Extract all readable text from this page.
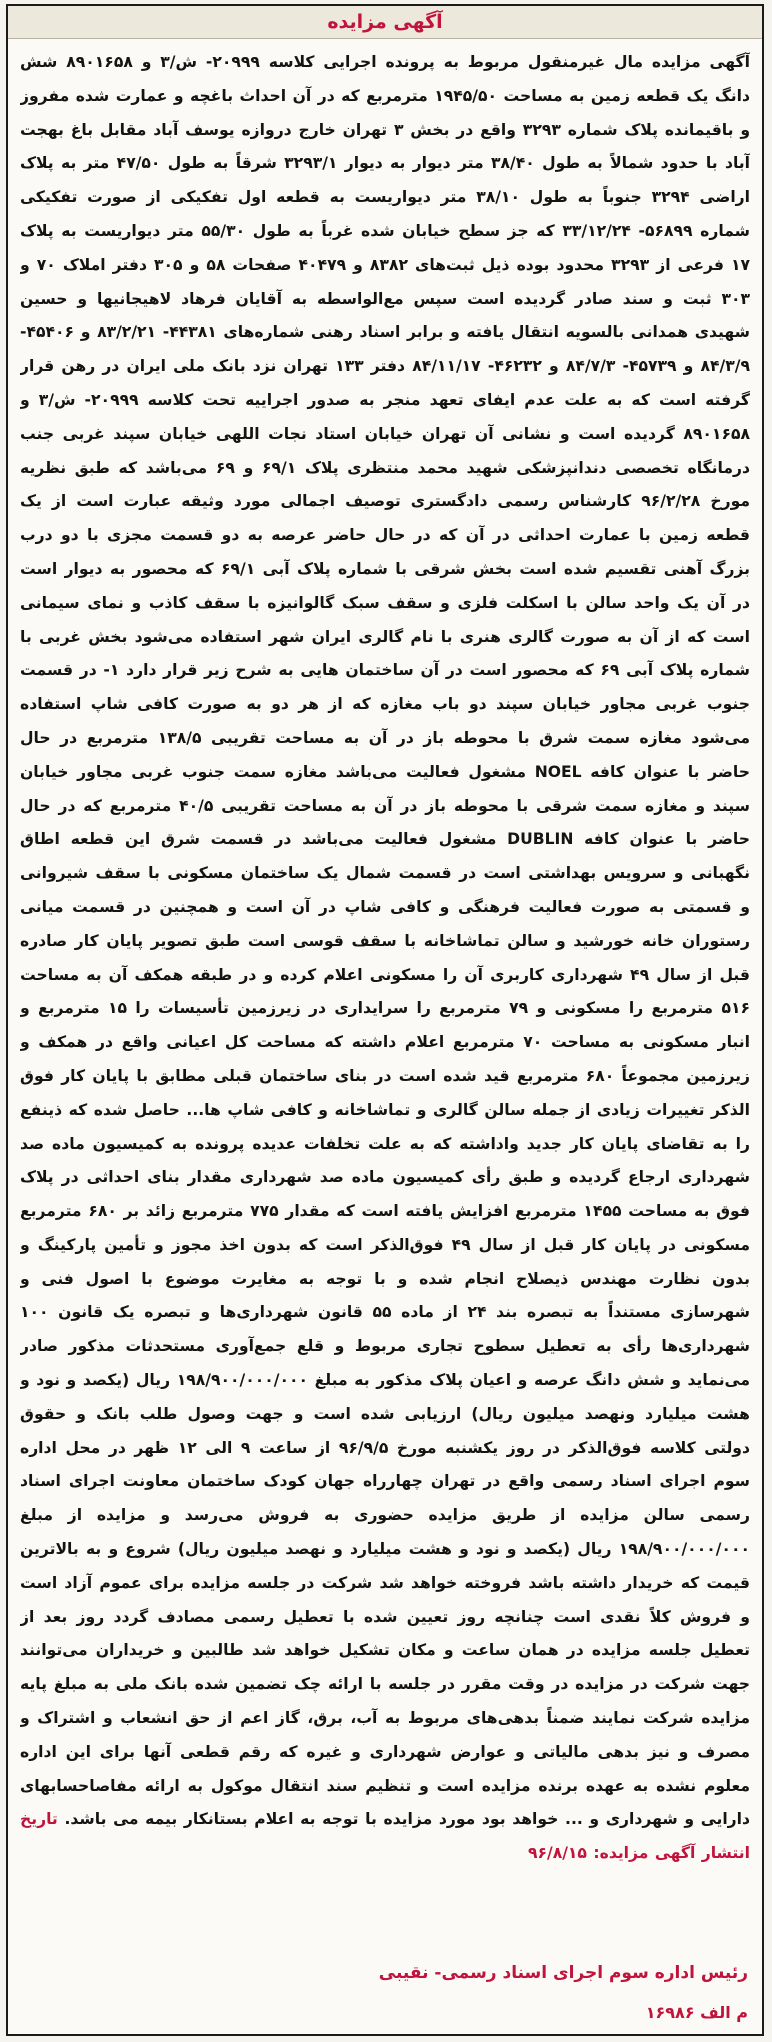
آگهی مزایده
آگهی مزایده مال غیرمنقول مربوط به پرونده اجرایی کلاسه ۲۰۹۹۹- ش/۳ و ۸۹۰۱۶۵۸ شش دانگ یک قطعه زمین به مساحت ۱۹۴۵/۵۰ مترمربع که در آن احداث باغچه و عمارت شده مفروز و باقیمانده پلاک شماره ۳۲۹۳ واقع در بخش ۳ تهران خارج دروازه یوسف آباد مقابل باغ بهجت آباد با حدود شمالاً به طول ۳۸/۴۰ متر دیوار به دیوار ۳۲۹۳/۱ شرقاً به طول ۴۷/۵۰ متر به پلاک اراضی ۳۲۹۴ جنوباً به طول ۳۸/۱۰ متر دیواریست به قطعه اول تفکیکی از صورت تفکیکی شماره ۵۶۸۹۹- ۳۳/۱۲/۲۴ که جز سطح خیابان شده غرباً به طول ۵۵/۳۰ متر دیواریست به پلاک ۱۷ فرعی از ۳۲۹۳ محدود بوده ذیل ثبت‌های ۸۳۸۲ و ۴۰۴۷۹ صفحات ۵۸ و ۳۰۵ دفتر املاک ۷۰ و ۳۰۳ ثبت و سند صادر گردیده است سپس مع‌الواسطه به آقایان فرهاد لاهیجانیها و حسین شهیدی همدانی بالسویه انتقال یافته و برابر اسناد رهنی شماره‌های ۴۴۳۸۱- ۸۳/۲/۲۱ و ۴۵۴۰۶- ۸۴/۳/۹ و ۴۵۷۳۹- ۸۴/۷/۳ و ۴۶۲۳۲- ۸۴/۱۱/۱۷ دفتر ۱۳۳ تهران نزد بانک ملی ایران در رهن قرار گرفته است که به علت عدم ایفای تعهد منجر به صدور اجراییه تحت کلاسه ۲۰۹۹۹- ش/۳ و ۸۹۰۱۶۵۸ گردیده است و نشانی آن تهران خیابان استاد نجات اللهی خیابان سپند غربی جنب درمانگاه تخصصی دندانپزشکی شهید محمد منتظری پلاک ۶۹/۱ و ۶۹ می‌باشد که طبق نظریه مورخ ۹۶/۲/۲۸ کارشناس رسمی دادگستری توصیف اجمالی مورد وثیقه عبارت است از یک قطعه زمین با عمارت احداثی در آن که در حال حاضر عرصه به دو قسمت مجزی با دو درب بزرگ آهنی تقسیم شده است بخش شرقی با شماره پلاک آبی ۶۹/۱ که محصور به دیوار است در آن یک واحد سالن با اسکلت فلزی و سقف سبک گالوانیزه با سقف کاذب و نمای سیمانی است که از آن به صورت گالری هنری با نام گالری ایران شهر استفاده می‌شود بخش غربی با شماره پلاک آبی ۶۹ که محصور است در آن ساختمان هایی به شرح زیر قرار دارد ۱- در قسمت جنوب غربی مجاور خیابان سپند دو باب مغازه که از هر دو به صورت کافی شاپ استفاده می‌شود مغازه سمت شرق با محوطه باز در آن به مساحت تقریبی ۱۳۸/۵ مترمربع در حال حاضر با عنوان کافه NOEL مشغول فعالیت می‌باشد مغازه سمت جنوب غربی مجاور خیابان سپند و مغازه سمت شرقی با محوطه باز در آن به مساحت تقریبی ۴۰/۵ مترمربع که در حال حاضر با عنوان کافه DUBLIN مشغول فعالیت می‌باشد در قسمت شرق این قطعه اطاق نگهبانی و سرویس بهداشتی است در قسمت شمال یک ساختمان مسکونی با سقف شیروانی و قسمتی به صورت فعالیت فرهنگی و کافی شاپ در آن است و همچنین در قسمت میانی رستوران خانه خورشید و سالن تماشاخانه با سقف قوسی است طبق تصویر پایان کار صادره قبل از سال ۴۹ شهرداری کاربری آن را مسکونی اعلام کرده و در طبقه همکف آن به مساحت ۵۱۶ مترمربع را مسکونی و ۷۹ مترمربع را سرایداری در زیرزمین تأسیسات را ۱۵ مترمربع و انبار مسکونی به مساحت ۷۰ مترمربع اعلام داشته که مساحت کل اعیانی واقع در همکف و زیرزمین مجموعاً ۶۸۰ مترمربع قید شده است در بنای ساختمان قبلی مطابق با پایان کار فوق الذکر تغییرات زیادی از جمله سالن گالری و تماشاخانه و کافی شاپ ها... حاصل شده که ذینفع را به تقاضای پایان کار جدید واداشته که به علت تخلفات عدیده پرونده به کمیسیون ماده صد شهرداری ارجاع گردیده و طبق رأی کمیسیون ماده صد شهرداری مقدار بنای احداثی در پلاک فوق به مساحت ۱۴۵۵ مترمربع افزایش یافته است که مقدار ۷۷۵ مترمربع زائد بر ۶۸۰ مترمربع مسکونی در پایان کار قبل از سال ۴۹ فوق‌الذکر است که بدون اخذ مجوز و تأمین پارکینگ و بدون نظارت مهندس ذیصلاح انجام شده و با توجه به مغایرت موضوع با اصول فنی و شهرسازی مستنداً به تبصره بند ۲۴ از ماده ۵۵ قانون شهرداری‌ها و تبصره یک قانون ۱۰۰ شهرداری‌ها رأی به تعطیل سطوح تجاری مربوط و قلع جمع‌آوری مستحدثات مذکور صادر می‌نماید و شش دانگ عرصه و اعیان پلاک مذکور به مبلغ ۱۹۸/۹۰۰/۰۰۰/۰۰۰ ریال (یکصد و نود و هشت میلیارد ونهصد میلیون ریال) ارزیابی شده است و جهت وصول طلب بانک و حقوق دولتی کلاسه فوق‌الذکر در روز یکشنبه مورخ ۹۶/۹/۵ از ساعت ۹ الی ۱۲ ظهر در محل اداره سوم اجرای اسناد رسمی واقع در تهران چهارراه جهان کودک ساختمان معاونت اجرای اسناد رسمی سالن مزایده از طریق مزایده حضوری به فروش می‌رسد و مزایده از مبلغ ۱۹۸/۹۰۰/۰۰۰/۰۰۰ ریال (یکصد و نود و هشت میلیارد و نهصد میلیون ریال) شروع و به بالاترین قیمت که خریدار داشته باشد فروخته خواهد شد شرکت در جلسه مزایده برای عموم آزاد است و فروش کلاً نقدی است چنانچه روز تعیین شده با تعطیل رسمی مصادف گردد روز بعد از تعطیل جلسه مزایده در همان ساعت و مکان تشکیل خواهد شد طالبین و خریداران می‌توانند جهت شرکت در مزایده در وقت مقرر در جلسه با ارائه چک تضمین شده بانک ملی به مبلغ پایه مزایده شرکت نمایند ضمناً بدهی‌های مربوط به آب، برق، گاز اعم از حق انشعاب و اشتراک و مصرف و نیز بدهی مالیاتی و عوارض شهرداری و غیره که رقم قطعی آنها برای این اداره معلوم نشده به عهده برنده مزایده است و تنظیم سند انتقال موکول به ارائه مفاصاحسابهای دارایی و شهرداری و ... خواهد بود مورد مزایده با توجه به اعلام بستانکار بیمه می باشد. تاریخ انتشار آگهی مزایده: ۹۶/۸/۱۵
رئیس اداره سوم اجرای اسناد رسمی- نقیبی
م الف ۱۶۹۸۶
